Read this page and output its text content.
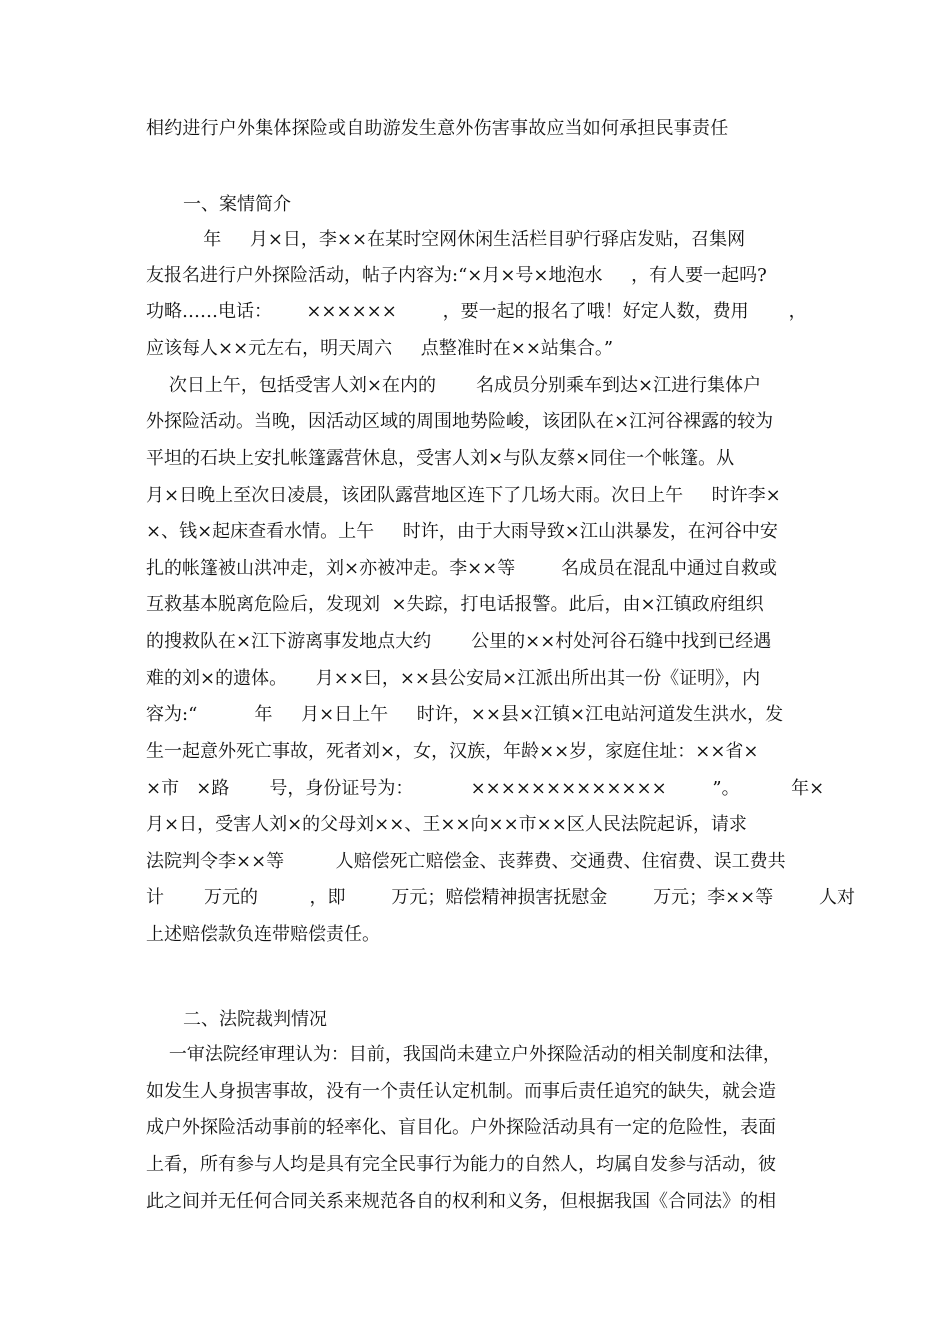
相约进行户外集体探险或自助游发生意外伤害事故应当如何承担民事责任
一、案情简介
年     月×日，李××在某时空网休闲生活栏目驴行驿店发贴，召集网
友报名进行户外探险活动，帖子内容为:“×月×号×地泡水     ，有人要一起吗?
功略……电话：      ××××××        ，要一起的报名了哦！好定人数，费用       ，
应该每人××元左右，明天周六     点整准时在××站集合。”
次日上午，包括受害人刘×在内的       名成员分别乘车到达×江进行集体户
外探险活动。当晚，因活动区域的周围地势险峻，该团队在×江河谷裸露的较为
平坦的石块上安扎帐篷露营休息，受害人刘×与队友蔡×同住一个帐篷。从
月×日晚上至次日凌晨，该团队露营地区连下了几场大雨。次日上午     时许李×
×、钱×起床查看水情。上午     时许，由于大雨导致×江山洪暴发，在河谷中安
扎的帐篷被山洪冲走，刘×亦被冲走。李××等        名成员在混乱中通过自救或
互救基本脱离危险后，发现刘  ×失踪，打电话报警。此后，由×江镇政府组织
的搜救队在×江下游离事发地点大约       公里的××村处河谷石缝中找到已经遇
难的刘×的遗体。     月××曰，××县公安局×江派出所出其一份《证明》，内
容为:“          年     月×日上午     时许，××县×江镇×江电站河道发生洪水，发
生一起意外死亡事故，死者刘×，女，汉族，年龄××岁，家庭住址：××省×
×市   ×路       号，身份证号为：          ×××××××××××××        ”。         年×
月×日，受害人刘×的父母刘××、王××向××市××区人民法院起诉，请求
法院判令李××等         人赔偿死亡赔偿金、丧葬费、交通费、住宿费、误工费共
计       万元的         ，即        万元；赔偿精神损害抚慰金        万元；李××等        人对
上述赔偿款负连带赔偿责任。
二、法院裁判情况
一审法院经审理认为：目前，我国尚未建立户外探险活动的相关制度和法律，
如发生人身损害事故，没有一个责任认定机制。而事后责任追究的缺失，就会造
成户外探险活动事前的轻率化、盲目化。户外探险活动具有一定的危险性，表面
上看，所有参与人均是具有完全民事行为能力的自然人，均属自发参与活动，彼
此之间并无任何合同关系来规范各自的权利和义务，但根据我国《合同法》的相
